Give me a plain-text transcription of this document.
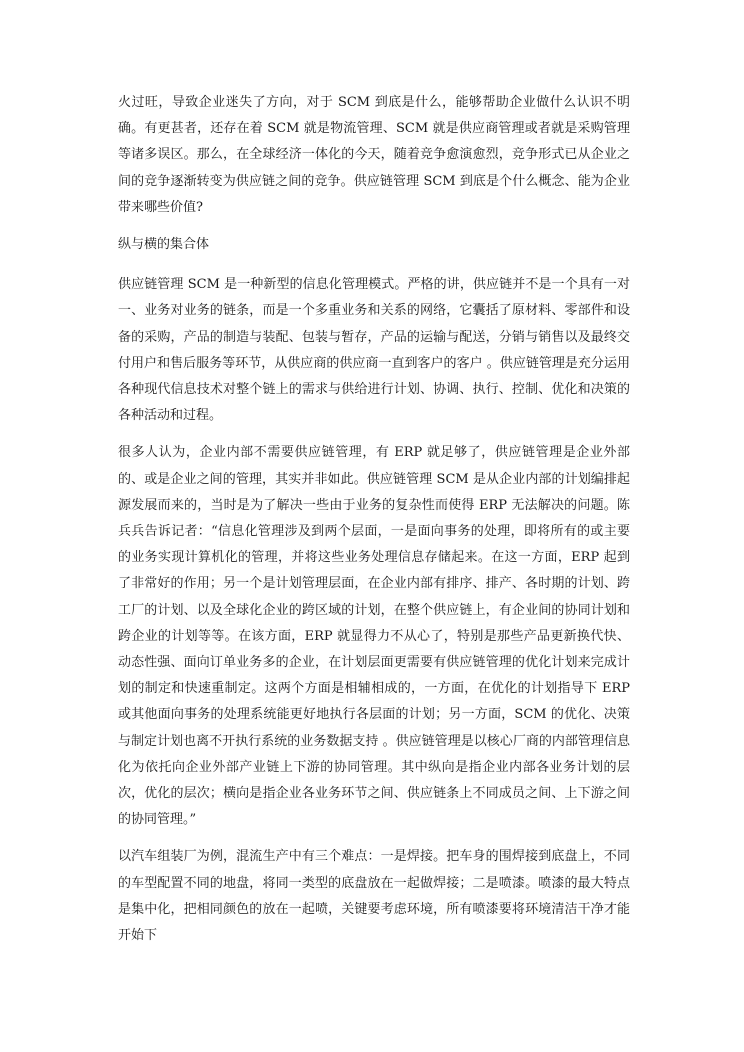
火过旺，导致企业迷失了方向，对于 SCM 到底是什么，能够帮助企业做什么认识不明确。有更甚者，还存在着 SCM 就是物流管理、SCM 就是供应商管理或者就是采购管理等诸多误区。那么，在全球经济一体化的今天，随着竞争愈演愈烈，竞争形式已从企业之间的竞争逐渐转变为供应链之间的竞争。供应链管理 SCM 到底是个什么概念、能为企业带来哪些价值?

纵与横的集合体

供应链管理 SCM 是一种新型的信息化管理模式。严格的讲，供应链并不是一个具有一对一、业务对业务的链条，而是一个多重业务和关系的网络，它囊括了原材料、零部件和设备的采购，产品的制造与装配、包装与暂存，产品的运输与配送，分销与销售以及最终交付用户和售后服务等环节，从供应商的供应商一直到客户的客户 。供应链管理是充分运用各种现代信息技术对整个链上的需求与供给进行计划、协调、执行、控制、优化和决策的各种活动和过程。

很多人认为，企业内部不需要供应链管理，有 ERP 就足够了，供应链管理是企业外部的、或是企业之间的管理，其实并非如此。供应链管理 SCM 是从企业内部的计划编排起源发展而来的，当时是为了解决一些由于业务的复杂性而使得 ERP 无法解决的问题。陈兵兵告诉记者：“信息化管理涉及到两个层面，一是面向事务的处理，即将所有的或主要的业务实现计算机化的管理，并将这些业务处理信息存储起来。在这一方面，ERP 起到了非常好的作用；另一个是计划管理层面，在企业内部有排序、排产、各时期的计划、跨工厂的计划、以及全球化企业的跨区域的计划，在整个供应链上，有企业间的协同计划和跨企业的计划等等。在该方面，ERP 就显得力不从心了，特别是那些产品更新换代快、动态性强、面向订单业务多的企业，在计划层面更需要有供应链管理的优化计划来完成计划的制定和快速重制定。这两个方面是相辅相成的，一方面，在优化的计划指导下 ERP 或其他面向事务的处理系统能更好地执行各层面的计划；另一方面，SCM 的优化、决策与制定计划也离不开执行系统的业务数据支持 。供应链管理是以核心厂商的内部管理信息化为依托向企业外部产业链上下游的协同管理。其中纵向是指企业内部各业务计划的层次，优化的层次；横向是指企业各业务环节之间、供应链条上不同成员之间、上下游之间的协同管理。”

以汽车组装厂为例，混流生产中有三个难点：一是焊接。把车身的围焊接到底盘上，不同的车型配置不同的地盘，将同一类型的底盘放在一起做焊接；二是喷漆。喷漆的最大特点是集中化，把相同颜色的放在一起喷，关键要考虑环境，所有喷漆要将环境清洁干净才能开始下
